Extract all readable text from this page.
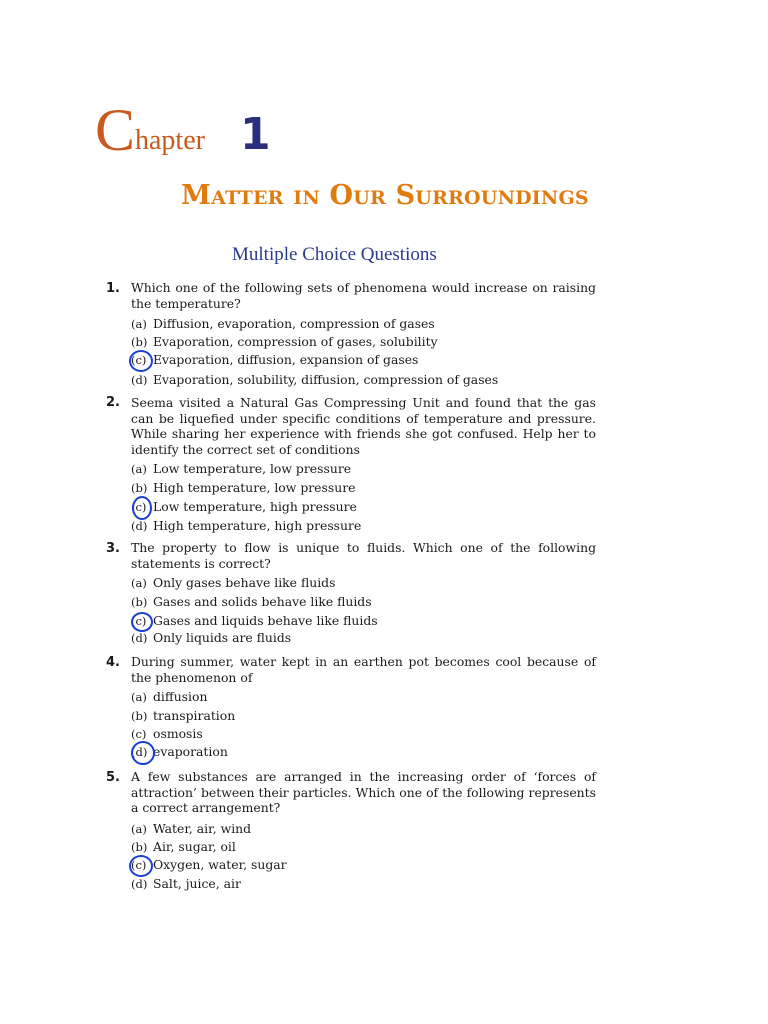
C hapter 1
Matter in Our Surroundings
Multiple Choice Questions
1. Which one of the following sets of phenomena would increase on raising the temperature?
(a) Diffusion, evaporation, compression of gases
(b) Evaporation, compression of gases, solubility
(c) Evaporation, diffusion, expansion of gases
(d) Evaporation, solubility, diffusion, compression of gases
2. Seema visited a Natural Gas Compressing Unit and found that the gas can be liquefied under specific conditions of temperature and pressure. While sharing her experience with friends she got confused. Help her to identify the correct set of conditions
(a) Low temperature, low pressure
(b) High temperature, low pressure
(c) Low temperature, high pressure
(d) High temperature, high pressure
3. The property to flow is unique to fluids. Which one of the following statements is correct?
(a) Only gases behave like fluids
(b) Gases and solids behave like fluids
(c) Gases and liquids behave like fluids
(d) Only liquids are fluids
4. During summer, water kept in an earthen pot becomes cool because of the phenomenon of
(a) diffusion
(b) transpiration
(c) osmosis
(d) evaporation
5. A few substances are arranged in the increasing order of ‘forces of attraction’ between their particles. Which one of the following represents a correct arrangement?
(a) Water, air, wind
(b) Air, sugar, oil
(c) Oxygen, water, sugar
(d) Salt, juice, air
